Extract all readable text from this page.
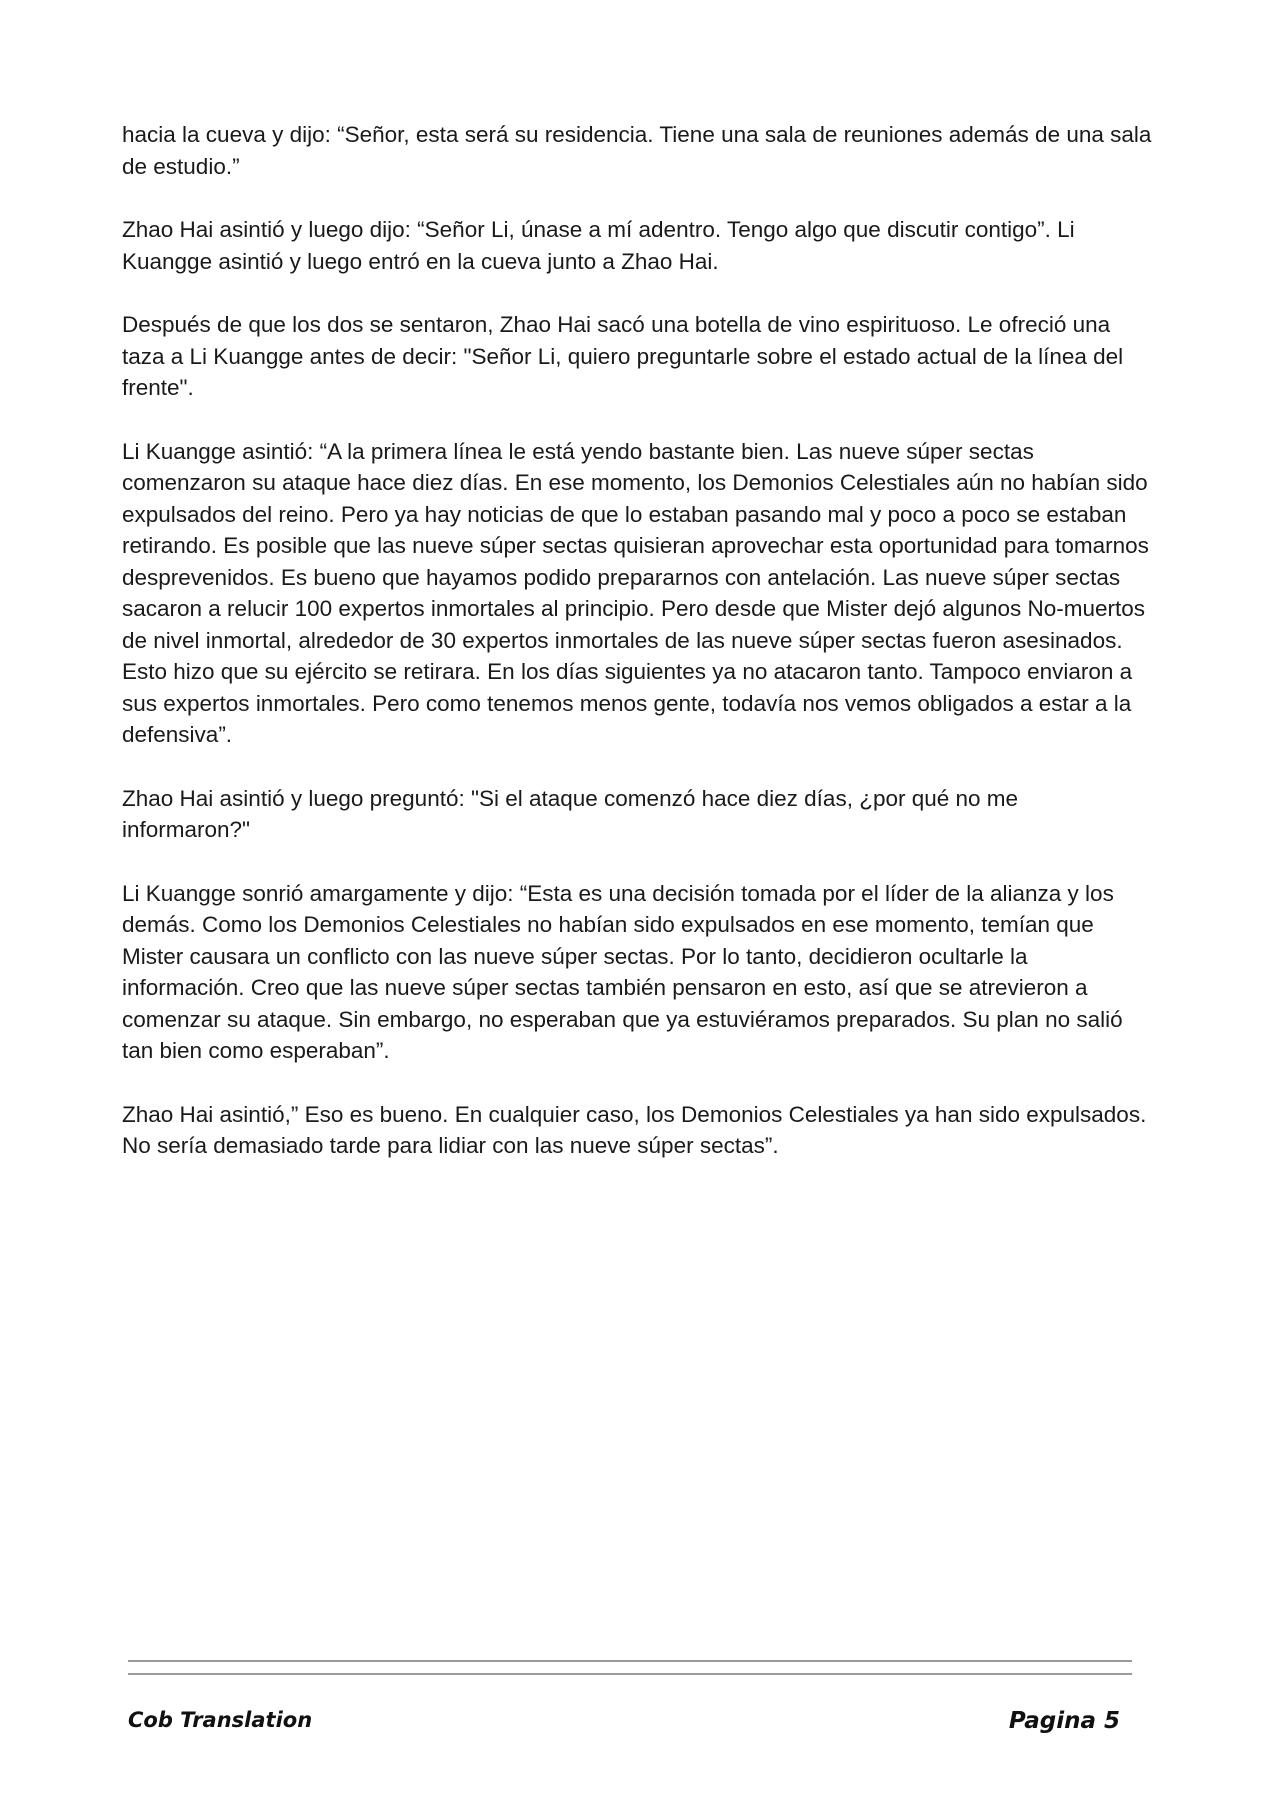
hacia la cueva y dijo: “Señor, esta será su residencia. Tiene una sala de reuniones además de una sala de estudio.”

Zhao Hai asintió y luego dijo: “Señor Li, únase a mí adentro. Tengo algo que discutir contigo”. Li Kuangge asintió y luego entró en la cueva junto a Zhao Hai.

Después de que los dos se sentaron, Zhao Hai sacó una botella de vino espirituoso. Le ofreció una taza a Li Kuangge antes de decir: "Señor Li, quiero preguntarle sobre el estado actual de la línea del frente".

Li Kuangge asintió: “A la primera línea le está yendo bastante bien. Las nueve súper sectas comenzaron su ataque hace diez días. En ese momento, los Demonios Celestiales aún no habían sido expulsados del reino. Pero ya hay noticias de que lo estaban pasando mal y poco a poco se estaban retirando. Es posible que las nueve súper sectas quisieran aprovechar esta oportunidad para tomarnos desprevenidos. Es bueno que hayamos podido prepararnos con antelación. Las nueve súper sectas sacaron a relucir 100 expertos inmortales al principio. Pero desde que Mister dejó algunos No-muertos de nivel inmortal, alrededor de 30 expertos inmortales de las nueve súper sectas fueron asesinados. Esto hizo que su ejército se retirara. En los días siguientes ya no atacaron tanto. Tampoco enviaron a sus expertos inmortales. Pero como tenemos menos gente, todavía nos vemos obligados a estar a la defensiva”.

Zhao Hai asintió y luego preguntó: "Si el ataque comenzó hace diez días, ¿por qué no me informaron?"

Li Kuangge sonrió amargamente y dijo: “Esta es una decisión tomada por el líder de la alianza y los demás. Como los Demonios Celestiales no habían sido expulsados en ese momento, temían que Mister causara un conflicto con las nueve súper sectas. Por lo tanto, decidieron ocultarle la información. Creo que las nueve súper sectas también pensaron en esto, así que se atrevieron a comenzar su ataque. Sin embargo, no esperaban que ya estuviéramos preparados. Su plan no salió tan bien como esperaban”.

Zhao Hai asintió,” Eso es bueno. En cualquier caso, los Demonios Celestiales ya han sido expulsados. No sería demasiado tarde para lidiar con las nueve súper sectas”.

Cob Translation	Pagina 5
